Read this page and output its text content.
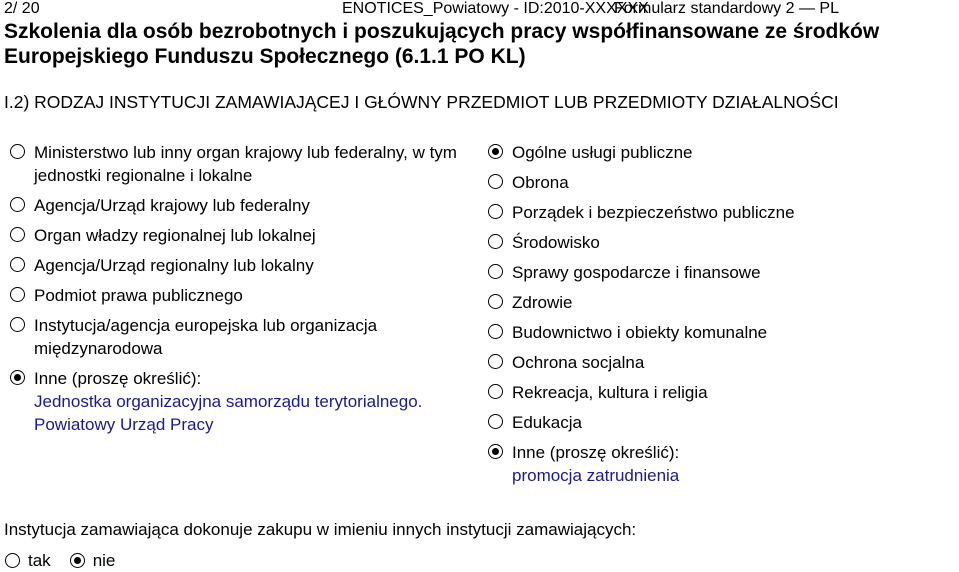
2/ 20	ENOTICES_Powiatowy - ID:2010-XXXXXX
Formularz standardowy 2 — PL
Szkolenia dla osób bezrobotnych i poszukujących pracy współfinansowane ze środków Europejskiego Funduszu Społecznego (6.1.1 PO KL)
I.2) RODZAJ INSTYTUCJI ZAMAWIAJĄCEJ I GŁÓWNY PRZEDMIOT LUB PRZEDMIOTY DZIAŁALNOŚCI
Ministerstwo lub inny organ krajowy lub federalny, w tym jednostki regionalne i lokalne
Agencja/Urząd krajowy lub federalny
Organ władzy regionalnej lub lokalnej
Agencja/Urząd regionalny lub lokalny
Podmiot prawa publicznego
Instytucja/agencja europejska lub organizacja międzynarodowa
Inne (proszę określić):
Jednostka organizacyjna samorządu terytorialnego. Powiatowy Urząd Pracy
Ogólne usługi publiczne
Obrona
Porządek i bezpieczeństwo publiczne
Środowisko
Sprawy gospodarcze i finansowe
Zdrowie
Budownictwo i obiekty komunalne
Ochrona socjalna
Rekreacja, kultura i religia
Edukacja
Inne (proszę określić):
promocja zatrudnienia
Instytucja zamawiająca dokonuje zakupu w imieniu innych instytucji zamawiających:
tak	nie
